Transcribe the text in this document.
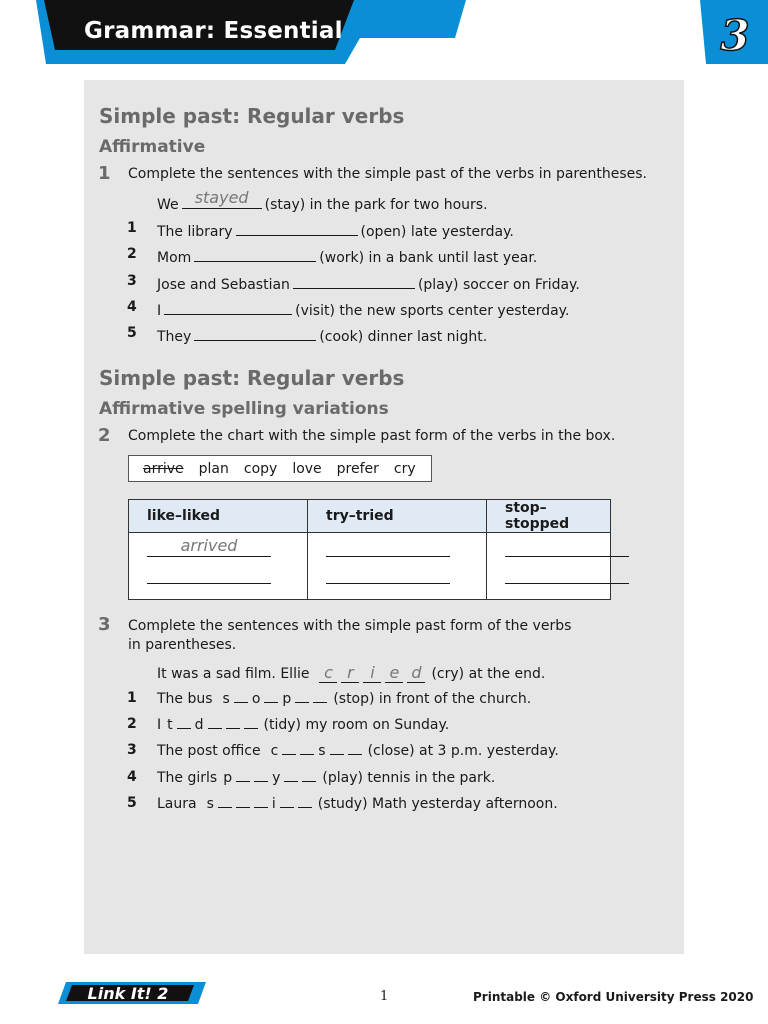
3
Grammar: Essential
Simple past: Regular verbs
Affirmative
1 Complete the sentences with the simple past of the verbs in parentheses.
We	stayed	(stay) in the park for two hours.
1 The library	(open) late yesterday.
2 Mom	(work) in a bank until last year.
3 Jose and Sebastian	(play) soccer on Friday.
4 I	(visit) the new sports center yesterday.
5 They	(cook) dinner last night.
Simple past: Regular verbs
Affirmative spelling variations
2 Complete the chart with the simple past form of the verbs in the box.
arrive plan copy love prefer cry
like–liked	try–tried	stop–stopped

arrived		

3 Complete the sentences with the simple past form of the verbs
in parentheses.
It was a sad film. Ellie c r	i e d (cry) at the end.
1 The bus s o p	(stop) in front of the church.
2 I t d	(tidy) my room on Sunday.
3 The post office c	s	(close) at 3 p.m. yesterday.
4 The girls p	y	(play) tennis in the park.
5 Laura s	i	(study) Math yesterday afternoon.
Link It! 2	1	Printable © Oxford University Press 2020
